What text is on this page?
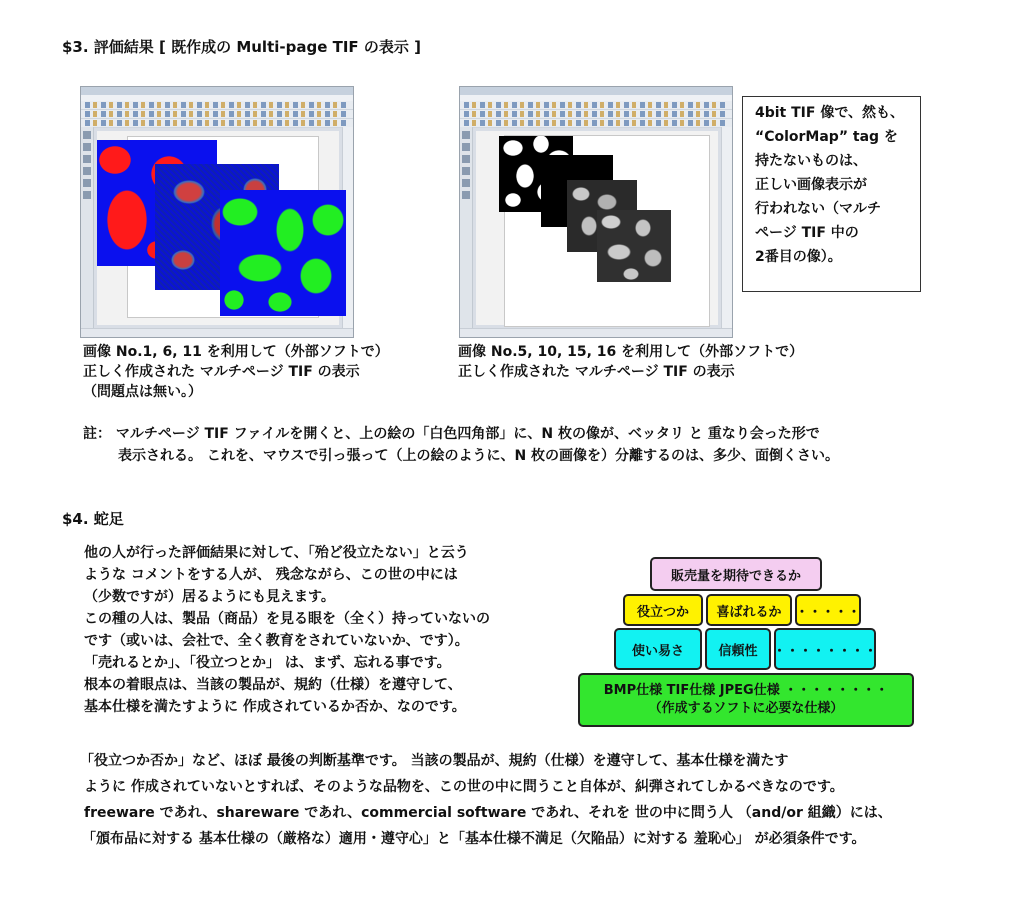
$3. 評価結果 [ 既作成の Multi-page TIF の表示 ]
4bit TIF 像で、然も、
“ColorMap” tag を
持たないものは、
正しい画像表示が
行われない（マルチ
ページ TIF 中の
2番目の像）。
画像 No.1, 6, 11 を利用して（外部ソフトで）
正しく作成された マルチページ TIF の表示
（問題点は無い。）
画像 No.5, 10, 15, 16 を利用して（外部ソフトで）
正しく作成された マルチページ TIF の表示
註： マルチページ TIF ファイルを開くと、上の絵の「白色四角部」に、N 枚の像が、ベッタリ と 重なり会った形で
表示される。 これを、マウスで引っ張って（上の絵のように、N 枚の画像を）分離するのは、多少、面倒くさい。
$4. 蛇足
他の人が行った評価結果に対して、「殆ど役立たない」と云う
ような コメントをする人が、 残念ながら、この世の中には
（少数ですが）居るようにも見えます。
この種の人は、製品（商品）を見る眼を（全く）持っていないの
です（或いは、会社で、全く教育をされていないか、です）。
「売れるとか」、「役立つとか」 は、まず、忘れる事です。
根本の着眼点は、当該の製品が、規約（仕様）を遵守して、
基本仕様を満たすように 作成されているか否か、なのです。
販売量を期待できるか
役立つか 喜ばれるか ・・・・・
使い易さ	信頼性 ・・・・・・・・
BMP仕様 TIF仕様 JPEG仕様 ・・・・・・・・
（作成するソフトに必要な仕様）
「役立つか否か」など、ほぼ 最後の判断基準です。 当該の製品が、規約（仕様）を遵守して、基本仕様を満たす
ように 作成されていないとすれば、そのような品物を、この世の中に問うこと自体が、糾弾されてしかるべきなのです。
freeware であれ、shareware であれ、commercial software であれ、それを 世の中に問う人 （and/or 組織）には、
「頒布品に対する 基本仕様の（厳格な）適用・遵守心」と「基本仕様不満足（欠陥品）に対する 羞恥心」 が必須条件です。
